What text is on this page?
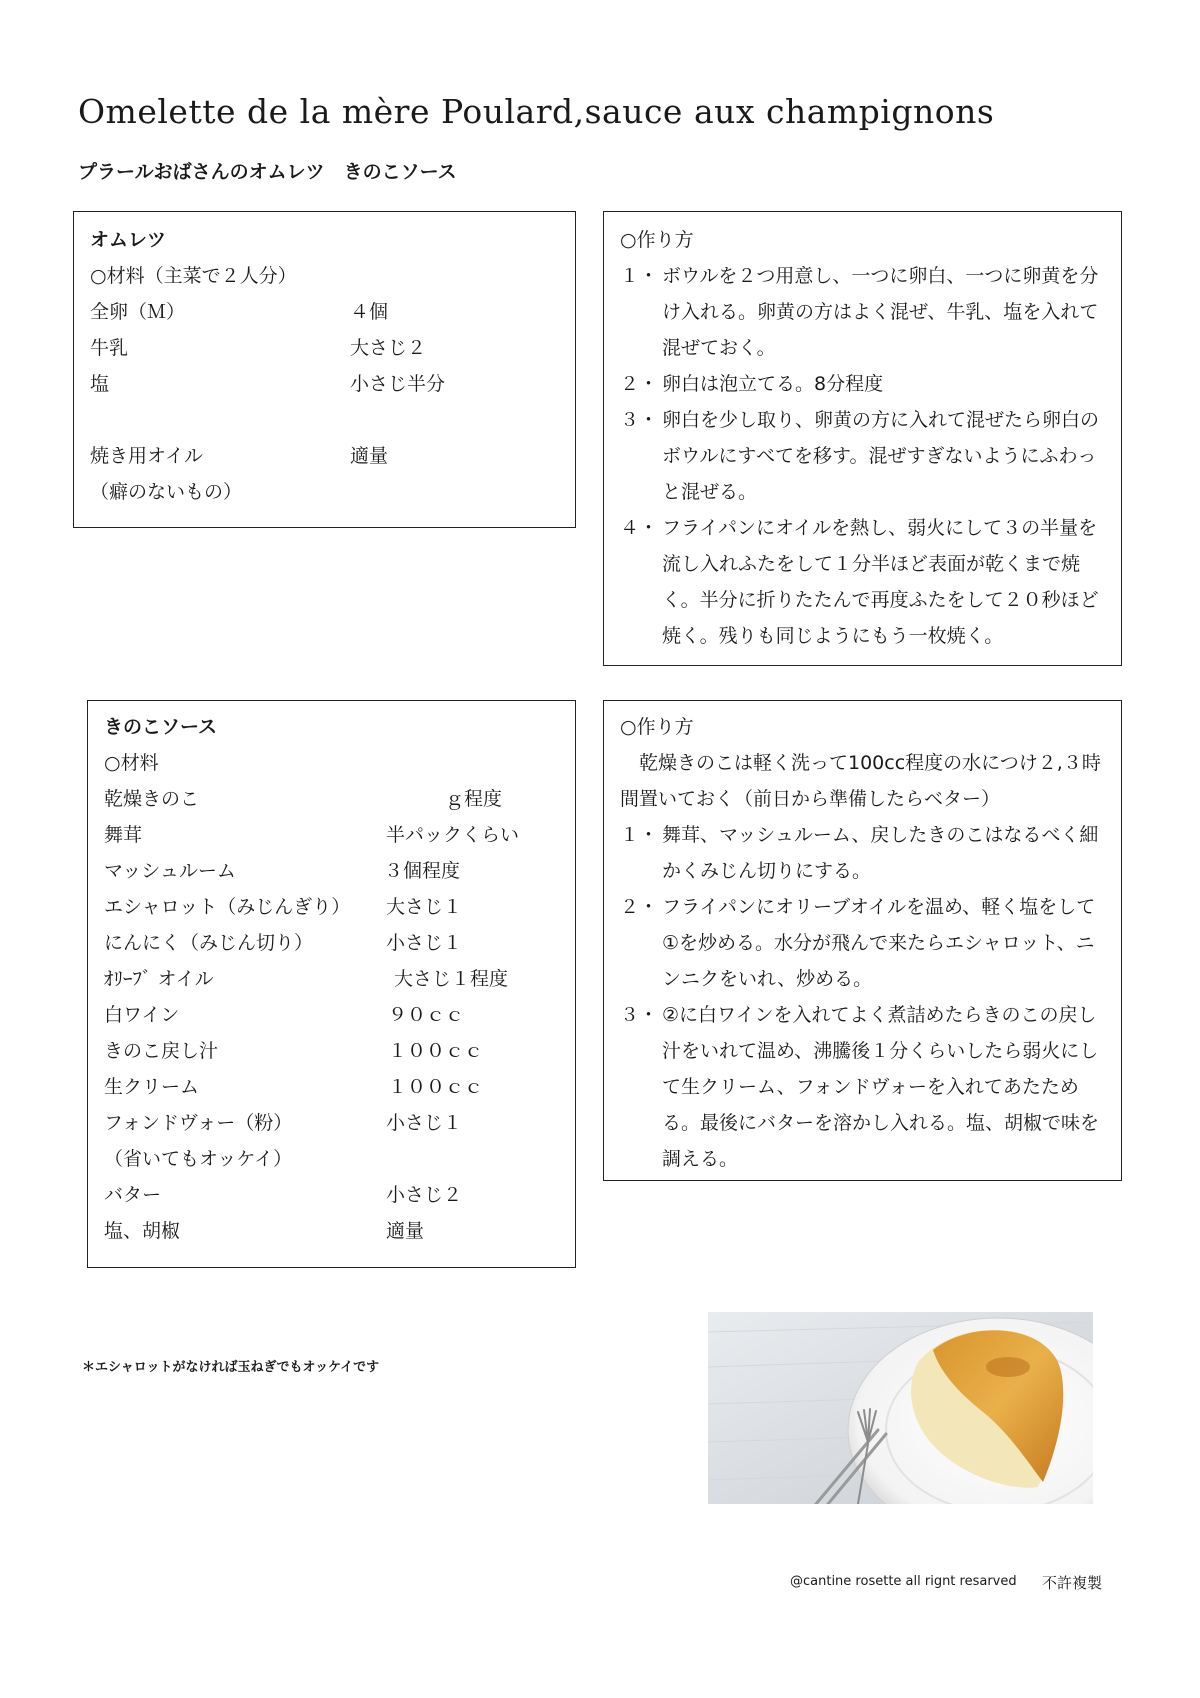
Omelette de la mère Poulard,sauce aux champignons
プラールおばさんのオムレツ　きのこソース
オムレツ
○材料（主菜で２人分）
全卵（Ｍ）	４個
牛乳	大さじ２
塩	小さじ半分
焼き用オイル	適量
（癖のないもの）
○作り方
１・ ボウルを２つ用意し、一つに卵白、一つに卵黄を分け入れる。卵黄の方はよく混ぜ、牛乳、塩を入れて混ぜておく。
２・ 卵白は泡立てる。8分程度
３・ 卵白を少し取り、卵黄の方に入れて混ぜたら卵白のボウルにすべてを移す。混ぜすぎないようにふわっと混ぜる。
４・ フライパンにオイルを熱し、弱火にして３の半量を流し入れふたをして１分半ほど表面が乾くまで焼く。半分に折りたたんで再度ふたをして２０秒ほど焼く。残りも同じようにもう一枚焼く。
きのこソース
○材料
乾燥きのこ	ｇ程度
舞茸	半パックくらい
マッシュルーム	３個程度
エシャロット（みじんぎり） 大さじ１
にんにく（みじん切り）	小さじ１
ｵﾘｰﾌﾞ オイル	大さじ１程度
白ワイン	９０ｃｃ
きのこ戻し汁	１００ｃｃ
生クリーム	１００ｃｃ
フォンドヴォー（粉）	小さじ１
（省いてもオッケイ）
バター	小さじ２
塩、胡椒	適量
○作り方
乾燥きのこは軽く洗って100cc程度の水につけ２,３時間置いておく（前日から準備したらベター）
１・ 舞茸、マッシュルーム、戻したきのこはなるべく細かくみじん切りにする。
２・ フライパンにオリーブオイルを温め、軽く塩をして①を炒める。水分が飛んで来たらエシャロット、ニンニクをいれ、炒める。
３・ ②に白ワインを入れてよく煮詰めたらきのこの戻し汁をいれて温め、沸騰後１分くらいしたら弱火にして生クリーム、フォンドヴォーを入れてあたためる。最後にバターを溶かし入れる。塩、胡椒で味を調える。
＊エシャロットがなければ玉ねぎでもオッケイです
@cantine rosette all rignt resarved 不許複製
